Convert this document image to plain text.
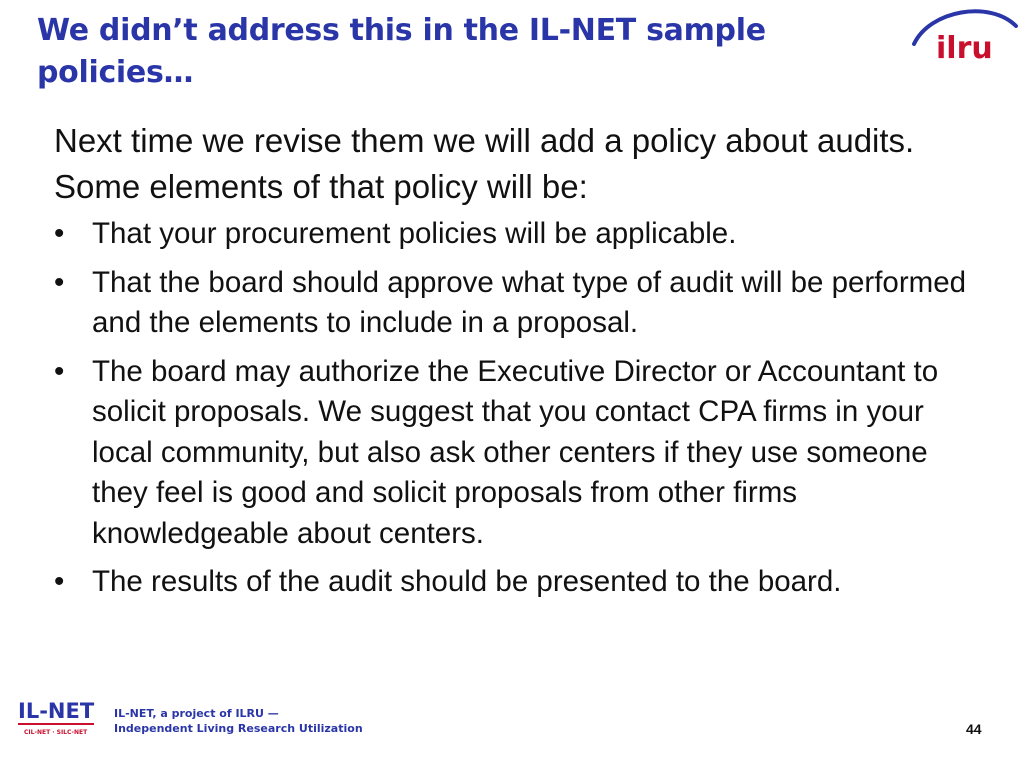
We didn’t address this in the IL-NET sample policies…
ilru

Next time we revise them we will add a policy about audits. Some elements of that policy will be:

• That your procurement policies will be applicable.
• That the board should approve what type of audit will be performed and the elements to include in a proposal.
• The board may authorize the Executive Director or Accountant to solicit proposals. We suggest that you contact CPA firms in your local community, but also ask other centers if they use someone they feel is good and solicit proposals from other firms knowledgeable about centers.
• The results of the audit should be presented to the board.
IL-NET
CIL-NET · SILC-NET
IL-NET, a project of ILRU —
Independent Living Research Utilization	44
